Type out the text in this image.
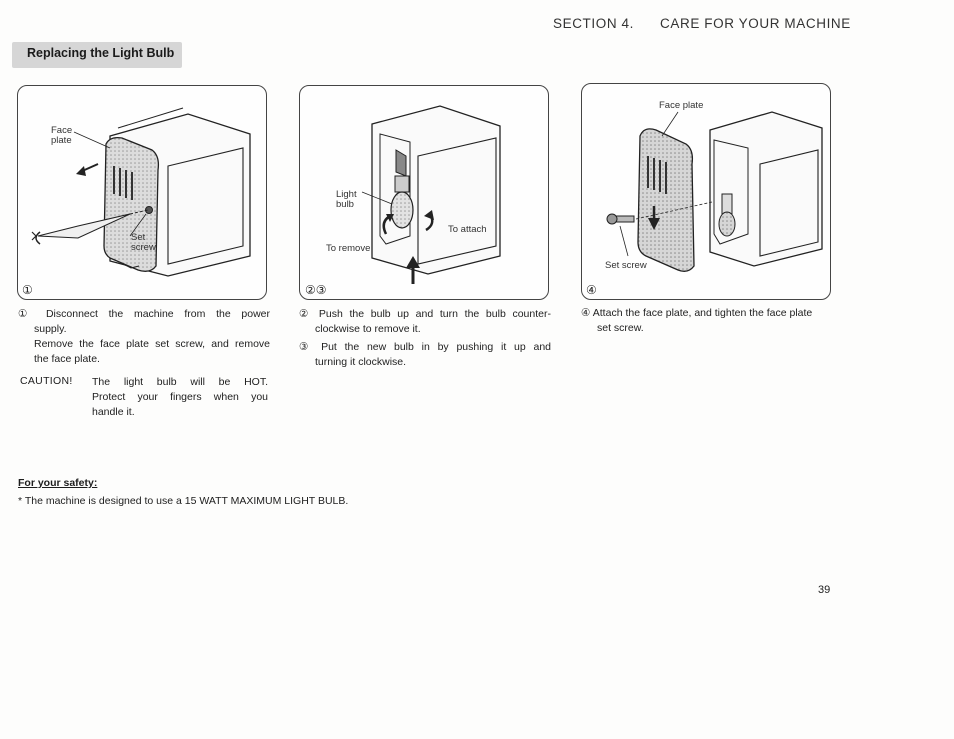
SECTION 4. CARE FOR YOUR MACHINE
Replacing the Light Bulb
Face
plate
Set
screw
①
Light
bulb
To remove
To attach
②③
Face plate
Set screw
④
① Disconnect the machine from the power
supply.
Remove the face plate set screw, and remove
the face plate.
CAUTION! The light bulb will be HOT.
Protect your fingers when you
handle it.
② Push the bulb up and turn the bulb counter-
clockwise to remove it.
③ Put the new bulb in by pushing it up and
turning it clockwise.
④ Attach the face plate, and tighten the face plate
set screw.
For your safety:
* The machine is designed to use a 15 WATT MAXIMUM LIGHT BULB.
39
